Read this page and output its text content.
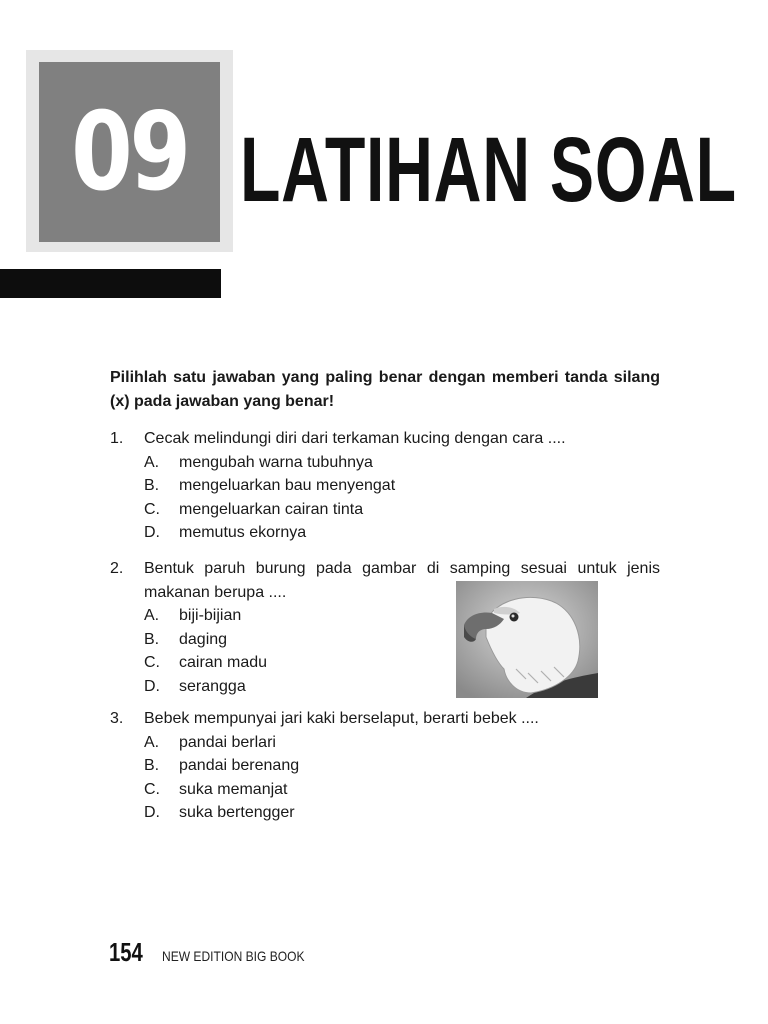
09 LATIHAN SOAL

Pilihlah satu jawaban yang paling benar dengan memberi tanda silang (x) pada jawaban yang benar!

1.	Cecak melindungi diri dari terkaman kucing dengan cara ....
A.	mengubah warna tubuhnya
B.	mengeluarkan bau menyengat
C.	mengeluarkan cairan tinta
D.	memutus ekornya
2.	Bentuk paruh burung pada gambar di samping sesuai untuk jenis makanan berupa ....
A.	biji-bijian
B.	daging
C.	cairan madu
D.	serangga
3.	Bebek mempunyai jari kaki berselaput, berarti bebek ....
A.	pandai berlari
B.	pandai berenang
C.	suka memanjat
D.	suka bertengger
154 NEW EDITION BIG BOOK
